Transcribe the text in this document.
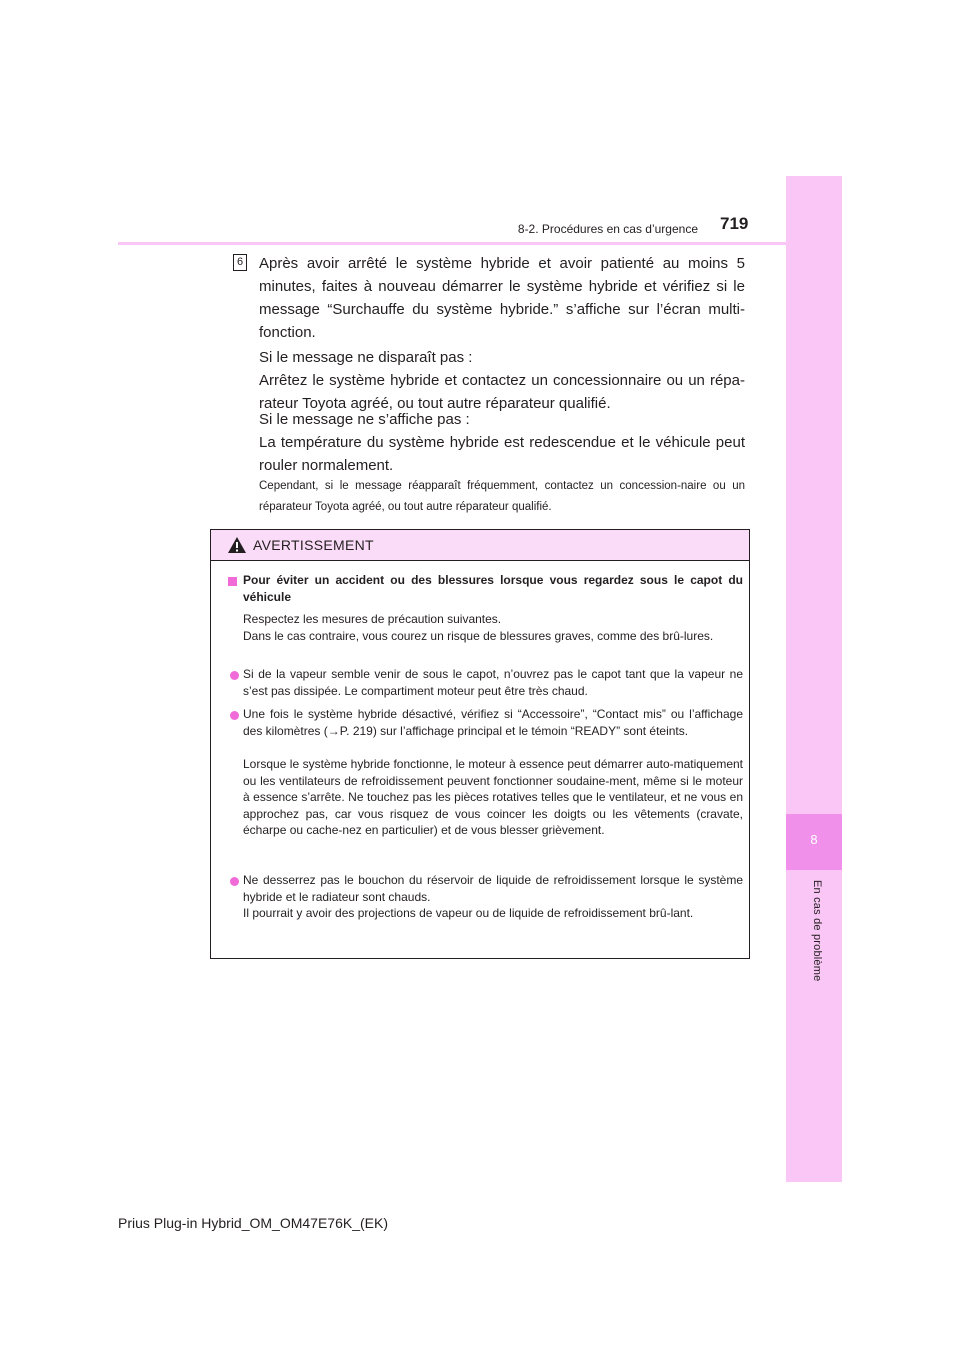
8
En cas de problème
8-2. Procédures en cas d’urgence 719
6 Après avoir arrêté le système hybride et avoir patienté au moins 5 minutes, faites à nouveau démarrer le système hybride et vérifiez si le message “Surchauffe du système hybride.” s’affiche sur l’écran multi-fonction.

Si le message ne disparaît pas :

Arrêtez le système hybride et contactez un concessionnaire ou un répa-rateur Toyota agréé, ou tout autre réparateur qualifié.

Si le message ne s’affiche pas :

La température du système hybride est redescendue et le véhicule peut rouler normalement.

Cependant, si le message réapparaît fréquemment, contactez un concession-naire ou un réparateur Toyota agréé, ou tout autre réparateur qualifié.

AVERTISSEMENT

Pour éviter un accident ou des blessures lorsque vous regardez sous le capot du véhicule

Respectez les mesures de précaution suivantes.

Dans le cas contraire, vous courez un risque de blessures graves, comme des brû-lures.

Si de la vapeur semble venir de sous le capot, n’ouvrez pas le capot tant que la vapeur ne s’est pas dissipée. Le compartiment moteur peut être très chaud.

Une fois le système hybride désactivé, vérifiez si “Accessoire”, “Contact mis” ou l’affichage des kilomètres (→P. 219) sur l’affichage principal et le témoin “READY” sont éteints.

Lorsque le système hybride fonctionne, le moteur à essence peut démarrer auto-matiquement ou les ventilateurs de refroidissement peuvent fonctionner soudaine-ment, même si le moteur à essence s’arrête. Ne touchez pas les pièces rotatives telles que le ventilateur, et ne vous en approchez pas, car vous risquez de vous coincer les doigts ou les vêtements (cravate, écharpe ou cache-nez en particulier) et de vous blesser grièvement.

Ne desserrez pas le bouchon du réservoir de liquide de refroidissement lorsque le système hybride et le radiateur sont chauds.

Il pourrait y avoir des projections de vapeur ou de liquide de refroidissement brû-lant.

Prius Plug-in Hybrid_OM_OM47E76K_(EK)
